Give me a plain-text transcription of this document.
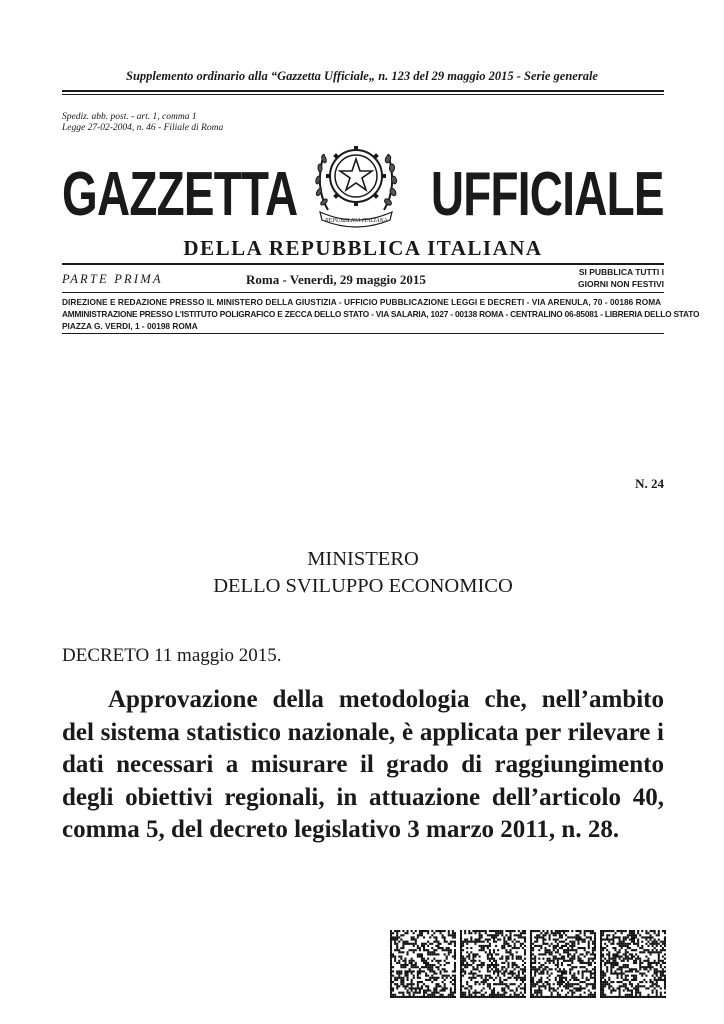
Supplemento ordinario alla “Gazzetta Ufficiale„ n. 123 del 29 maggio 2015 - Serie generale
Spediz. abb. post. - art. 1, comma 1
Legge 27-02-2004, n. 46 - Filiale di Roma
GAZZETTA UFFICIALE
REPUBBLICA ITALIANA
DELLA REPUBBLICA ITALIANA
PARTE PRIMA	Roma - Venerdì, 29 maggio 2015	SI PUBBLICA TUTTI I
GIORNI NON FESTIVI
DIREZIONE E REDAZIONE PRESSO IL MINISTERO DELLA GIUSTIZIA - UFFICIO PUBBLICAZIONE LEGGI E DECRETI - VIA ARENULA, 70 - 00186 ROMA
AMMINISTRAZIONE PRESSO L'ISTITUTO POLIGRAFICO E ZECCA DELLO STATO - VIA SALARIA, 1027 - 00138 ROMA - CENTRALINO 06-85081 - LIBRERIA DELLO STATO
PIAZZA G. VERDI, 1 - 00198 ROMA
N. 24
MINISTERO
DELLO SVILUPPO ECONOMICO
DECRETO 11 maggio 2015.
Approvazione della metodologia che, nell’ambito del sistema statistico nazionale, è applicata per rilevare i dati necessari a misurare il grado di raggiungimento degli obiettivi regionali, in attuazione dell’articolo 40, comma 5, del decreto legislativo 3 marzo 2011, n. 28.
